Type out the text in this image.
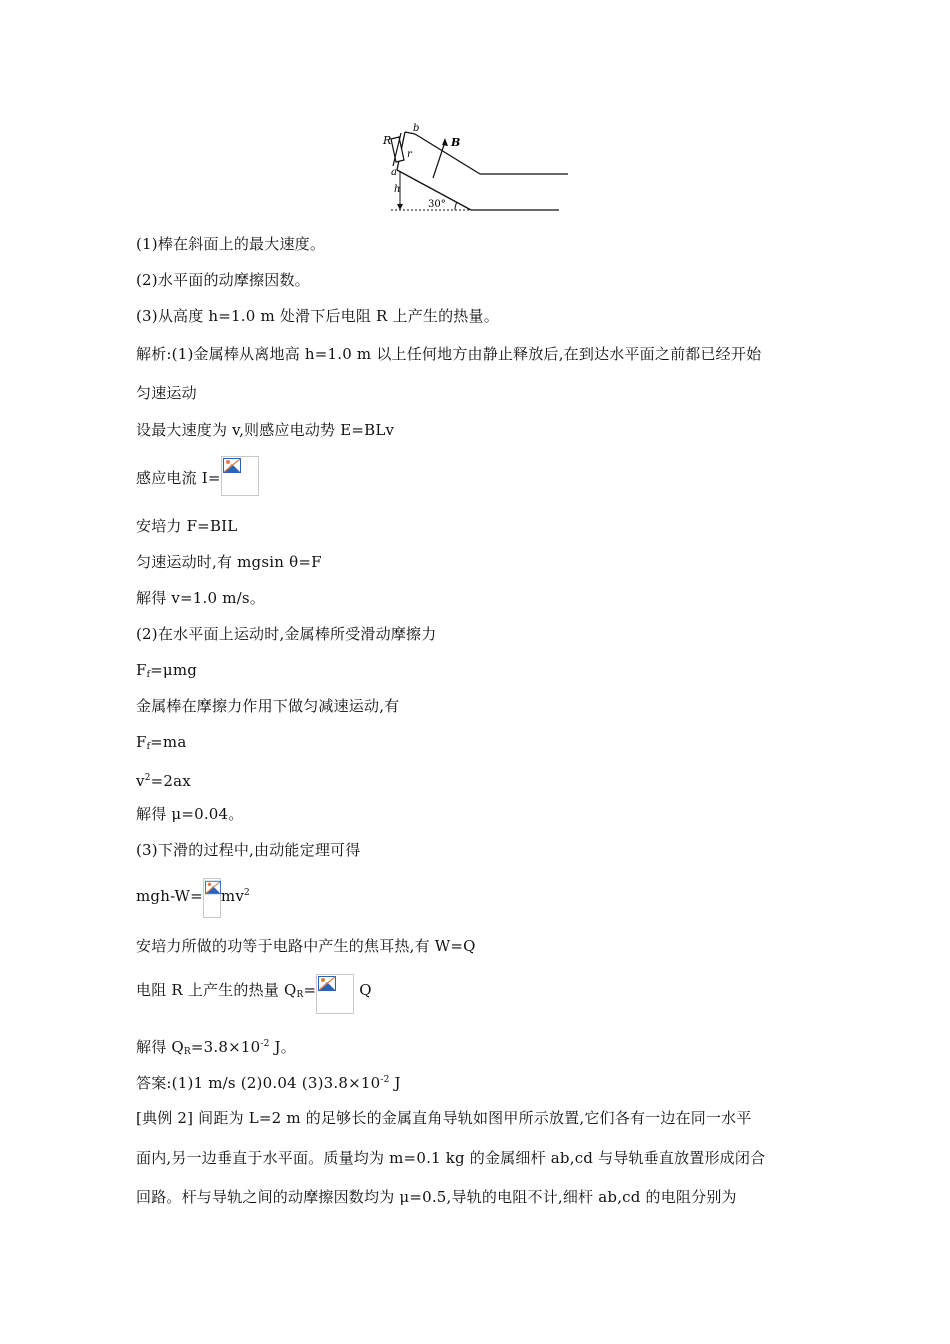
R
b
B
r
a
h
30°
(1)棒在斜面上的最大速度。
(2)水平面的动摩擦因数。
(3)从高度 h=1.0 m 处滑下后电阻 R 上产生的热量。
解析:(1)金属棒从离地高 h=1.0 m 以上任何地方由静止释放后,在到达水平面之前都已经开始
匀速运动
设最大速度为 v,则感应电动势 E=BLv
感应电流 I=
安培力 F=BIL
匀速运动时,有 mgsin θ=F
解得 v=1.0 m/s。
(2)在水平面上运动时,金属棒所受滑动摩擦力
$F_f=\mu mg$
金属棒在摩擦力作用下做匀减速运动,有
$F_f=ma$
$v^2=2ax$
解得 μ=0.04。
(3)下滑的过程中,由动能定理可得
$mgh-W= mv^2$
安培力所做的功等于电路中产生的焦耳热,有 W=Q
电阻 R 上产生的热量 $Q_R=$	Q
解得 $Q_R=3.8\times 10^{-2}$ J。
答案:(1)1 m/s (2)0.04 $(3)3.8\times 10^{-2}$ J
[典例 2] 间距为 L=2 m 的足够长的金属直角导轨如图甲所示放置,它们各有一边在同一水平
面内,另一边垂直于水平面。质量均为 m=0.1 kg 的金属细杆 ab,cd 与导轨垂直放置形成闭合
回路。杆与导轨之间的动摩擦因数均为 μ=0.5,导轨的电阻不计,细杆 ab,cd 的电阻分别为
